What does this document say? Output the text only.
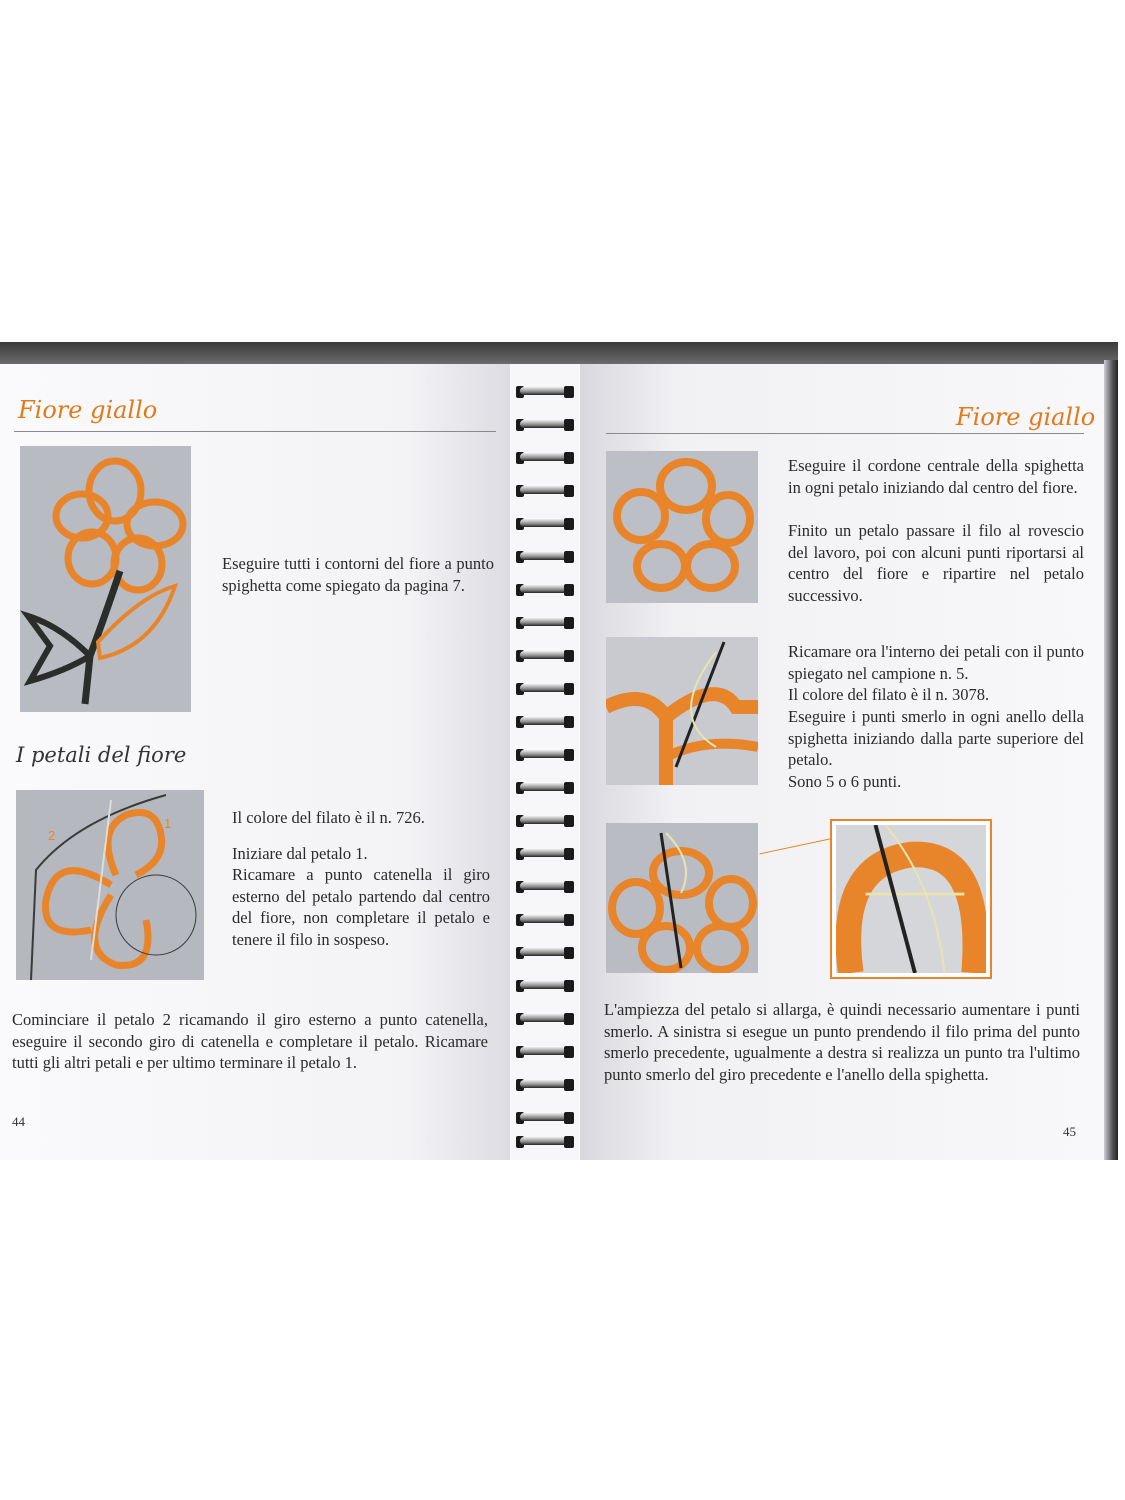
Fiore giallo

Eseguire tutti i contorni del fiore a punto spighetta come spiegato da pagina 7.

I petali del fiore
2
1	Il colore del filato è il n. 726.

Iniziare dal petalo 1.

Ricamare a punto catenella il giro esterno del petalo partendo dal centro del fiore, non completare il petalo e tenere il filo in sospeso.

Cominciare il petalo 2 ricamando il giro esterno a punto catenella, eseguire il secondo giro di catenella e completare il petalo. Ricamare tutti gli altri petali e per ultimo terminare il petalo 1.

44
Fiore giallo

Eseguire il cordone centrale della spighetta in ogni petalo iniziando dal centro del fiore.

Finito un petalo passare il filo al rovescio del lavoro, poi con alcuni punti riportarsi al centro del fiore e ripartire nel petalo successivo.

Ricamare ora l'interno dei petali con il punto spiegato nel campione n. 5.

Il colore del filato è il n. 3078.

Eseguire i punti smerlo in ogni anello della spighetta iniziando dalla parte superiore del petalo.

Sono 5 o 6 punti.

L'ampiezza del petalo si allarga, è quindi necessario aumentare i punti smerlo. A sinistra si esegue un punto prendendo il filo prima del punto smerlo precedente, ugualmente a destra si realizza un punto tra l'ultimo punto smerlo del giro precedente e l'anello della spighetta.

45
